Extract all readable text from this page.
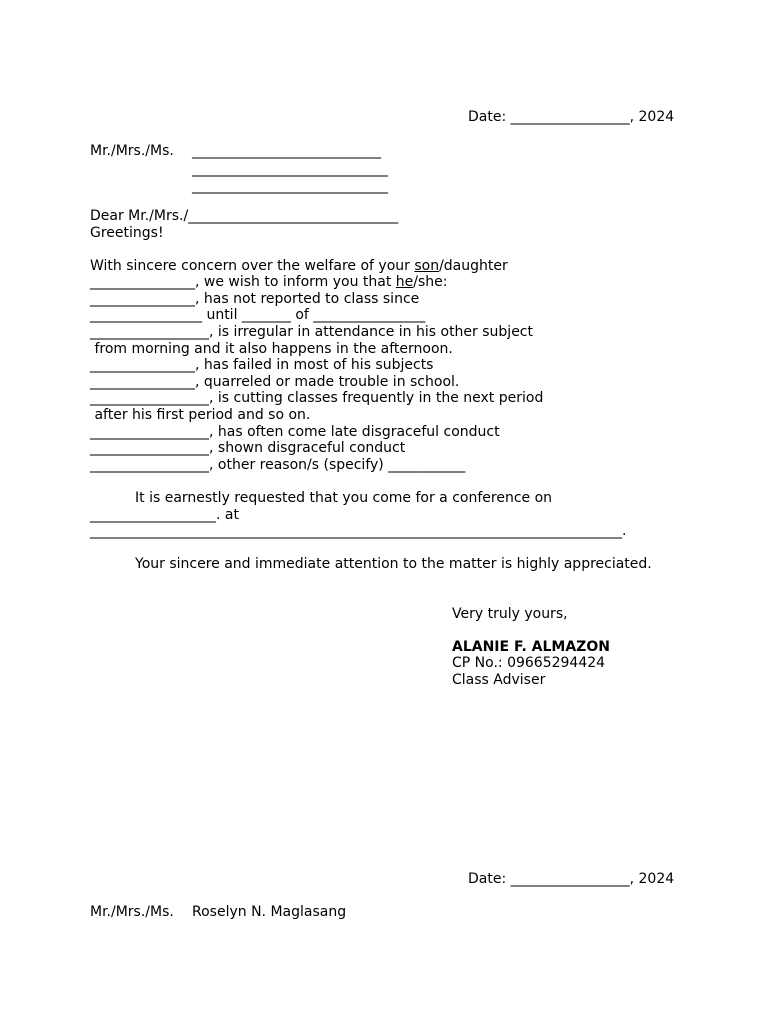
Date: _________________, 2024
Mr./Mrs./Ms. ___________________________
____________________________
____________________________
Dear Mr./Mrs./______________________________
Greetings!
With sincere concern over the welfare of your son/daughter
_______________, we wish to inform you that he/she:
_______________, has not reported to class since
________________ until _______ of ________________
_________________, is irregular in attendance in his other subject
from morning and it also happens in the afternoon.
_______________, has failed in most of his subjects
_______________, quarreled or made trouble in school.
_________________, is cutting classes frequently in the next period
after his first period and so on.
_________________, has often come late disgraceful conduct
_________________, shown disgraceful conduct
_________________, other reason/s (specify) ___________
It is earnestly requested that you come for a conference on
__________________. at
____________________________________________________________________________.
Your sincere and immediate attention to the matter is highly appreciated.
Very truly yours,
ALANIE F. ALMAZON
CP No.: 09665294424
Class Adviser
Date: _________________, 2024
Mr./Mrs./Ms. Roselyn N. Maglasang
